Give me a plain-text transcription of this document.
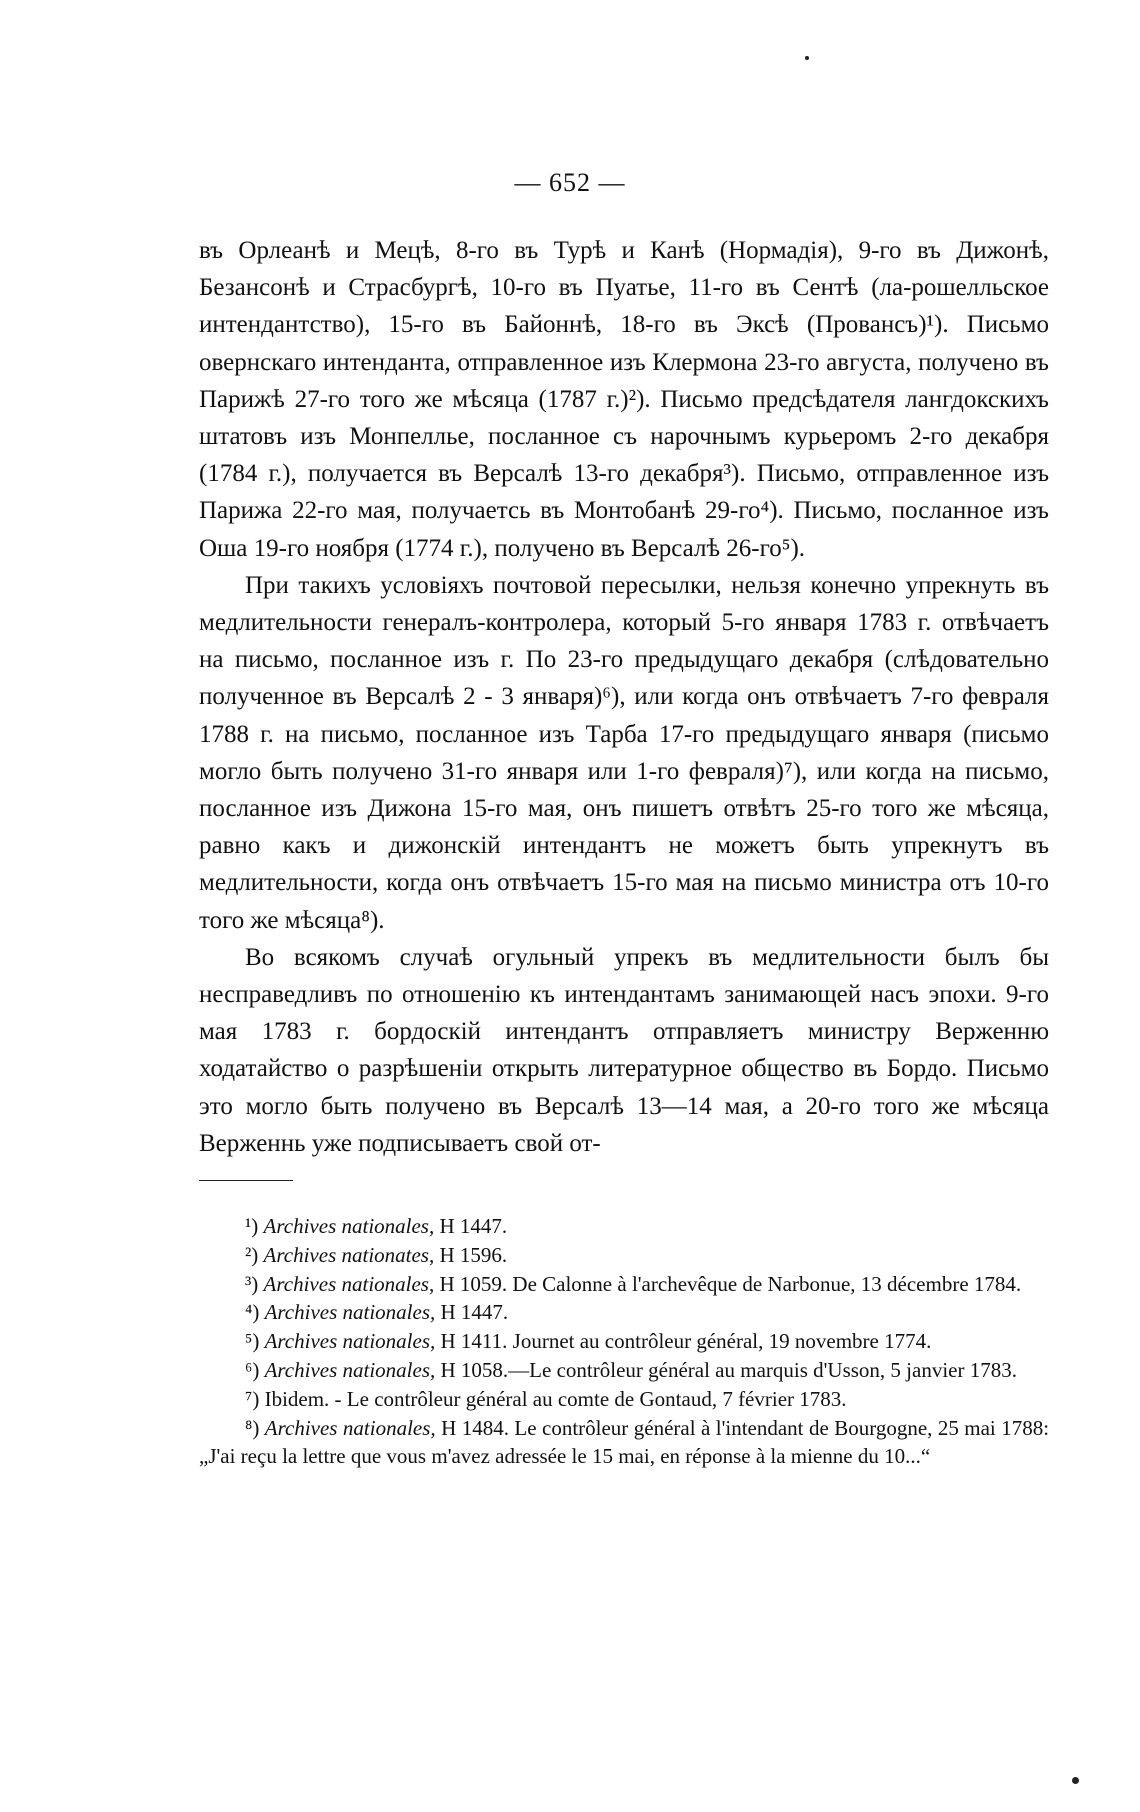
— 652 —

въ Орлеанѣ и Мецѣ, 8-го въ Турѣ и Канѣ (Нормадія), 9-го въ Дижонѣ, Безансонѣ и Страсбургѣ, 10-го въ Пуатье, 11-го въ Сентѣ (ла-рошелльское интендантство), 15-го въ Байоннѣ, 18-го въ Эксѣ (Провансъ)¹). Письмо овернскаго интенданта, отправленное изъ Клермона 23-го августа, получено въ Парижѣ 27-го того же мѣсяца (1787 г.)²). Письмо предсѣдателя лангдокскихъ штатовъ изъ Монпеллье, посланное съ нарочнымъ курьеромъ 2-го декабря (1784 г.), получается въ Версалѣ 13-го декабря³). Письмо, отправленное изъ Парижа 22-го мая, получаетсь въ Монтобанѣ 29-го⁴). Письмо, посланное изъ Оша 19-го ноября (1774 г.), получено въ Версалѣ 26-го⁵).

При такихъ условіяхъ почтовой пересылки, нельзя конечно упрекнуть въ медлительности генералъ-контролера, который 5-го января 1783 г. отвѣчаетъ на письмо, посланное изъ г. По 23-го предыдущаго декабря (слѣдовательно полученное въ Версалѣ 2 - 3 января)⁶), или когда онъ отвѣчаетъ 7-го февраля 1788 г. на письмо, посланное изъ Тарба 17-го предыдущаго января (письмо могло быть получено 31-го января или 1-го февраля)⁷), или когда на письмо, посланное изъ Дижона 15-го мая, онъ пишетъ отвѣтъ 25-го того же мѣсяца, равно какъ и дижонскій интендантъ не можетъ быть упрекнутъ въ медлительности, когда онъ отвѣчаетъ 15-го мая на письмо министра отъ 10-го того же мѣсяца⁸).

Во всякомъ случаѣ огульный упрекъ въ медлительности былъ бы несправедливъ по отношенію къ интендантамъ занимающей насъ эпохи. 9-го мая 1783 г. бордоскій интендантъ отправляетъ министру Верженню ходатайство о разрѣшеніи открыть литературное общество въ Бордо. Письмо это могло быть получено въ Версалѣ 13—14 мая, а 20-го того же мѣсяца Верженнь уже подписываетъ свой от-

¹) Archives nationales, H 1447.

²) Archives nationates, H 1596.

³) Archives nationales, H 1059. De Calonne à l'archevêque de Narbonue, 13 décembre 1784.

⁴) Archives nationales, H 1447.

⁵) Archives nationales, H 1411. Journet au contrôleur général, 19 novembre 1774.

⁶) Archives nationales, H 1058.—Le contrôleur général au marquis d'Usson, 5 janvier 1783.

⁷) Ibidem. - Le contrôleur général au comte de Gontaud, 7 février 1783.

⁸) Archives nationales, H 1484. Le contrôleur général à l'intendant de Bourgogne, 25 mai 1788: „J'ai reçu la lettre que vous m'avez adressée le 15 mai, en réponse à la mienne du 10...“
